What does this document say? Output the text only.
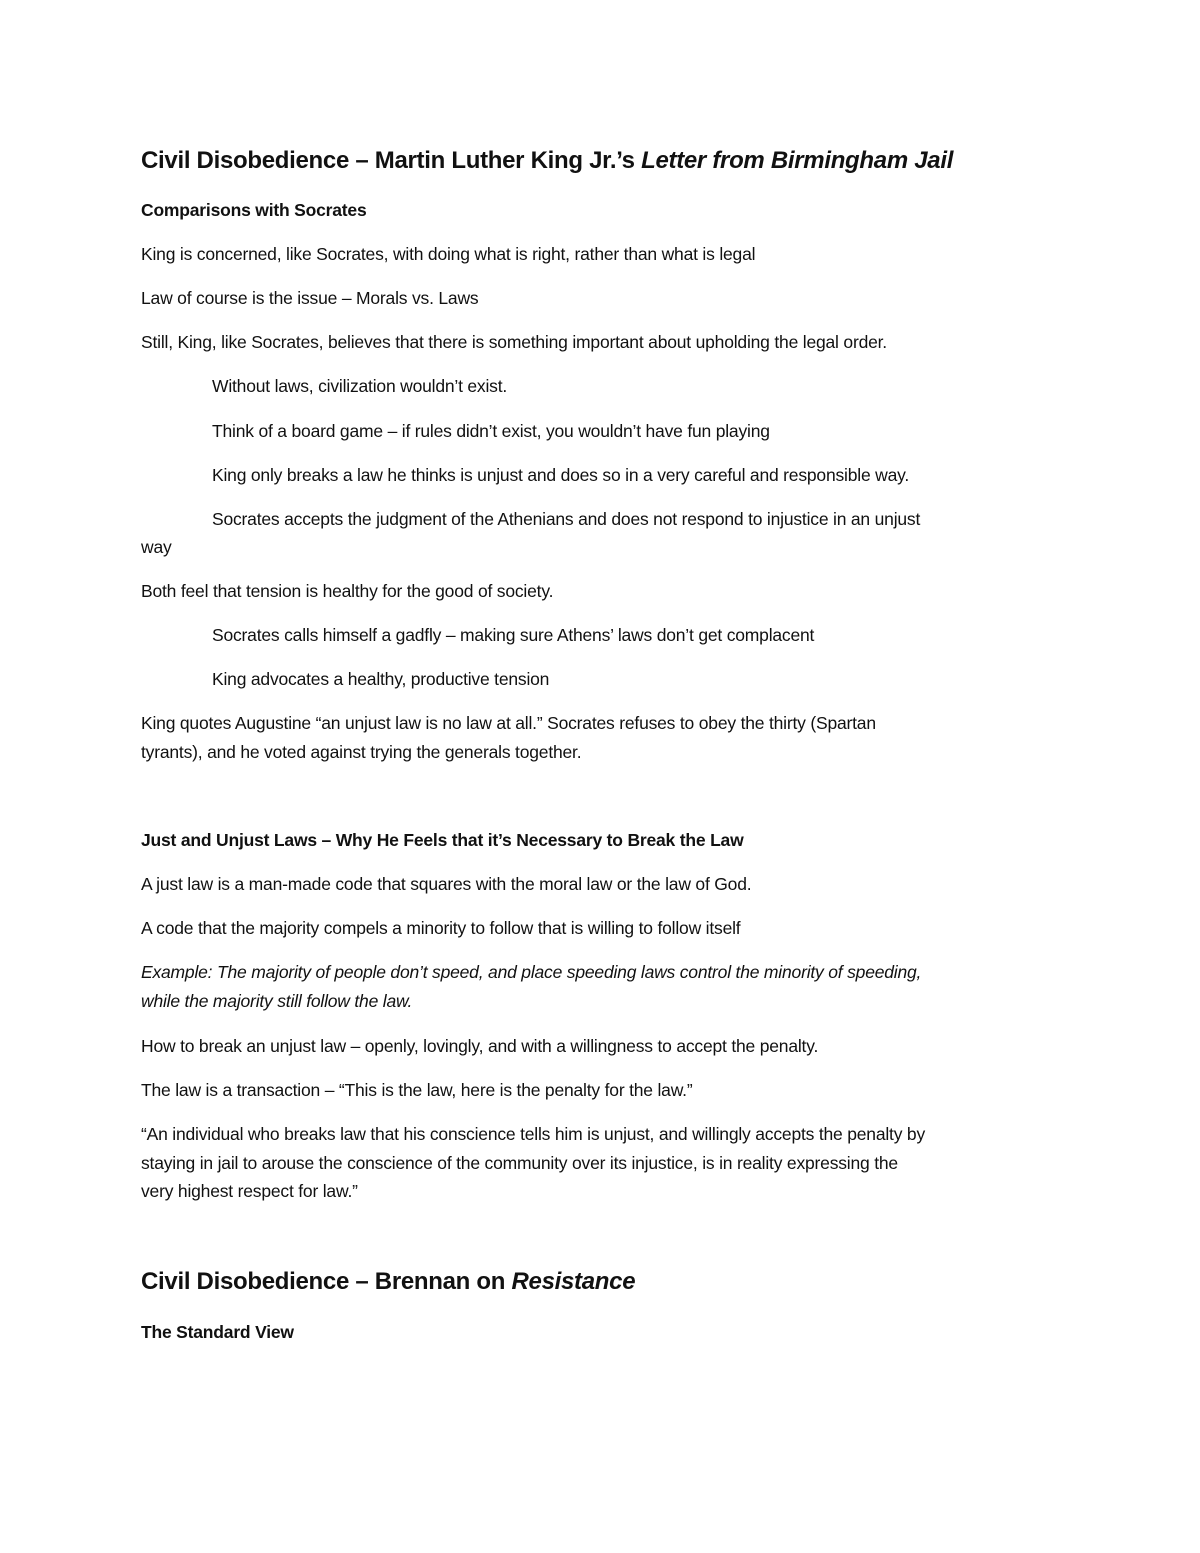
Civil Disobedience – Martin Luther King Jr.’s Letter from Birmingham Jail
Comparisons with Socrates
King is concerned, like Socrates, with doing what is right, rather than what is legal
Law of course is the issue – Morals vs. Laws
Still, King, like Socrates, believes that there is something important about upholding the legal order.
Without laws, civilization wouldn’t exist.
Think of a board game – if rules didn’t exist, you wouldn’t have fun playing
King only breaks a law he thinks is unjust and does so in a very careful and responsible way.
Socrates accepts the judgment of the Athenians and does not respond to injustice in an unjust
way
Both feel that tension is healthy for the good of society.
Socrates calls himself a gadfly – making sure Athens’ laws don’t get complacent
King advocates a healthy, productive tension
King quotes Augustine “an unjust law is no law at all.” Socrates refuses to obey the thirty (Spartan
tyrants), and he voted against trying the generals together.
Just and Unjust Laws – Why He Feels that it’s Necessary to Break the Law
A just law is a man-made code that squares with the moral law or the law of God.
A code that the majority compels a minority to follow that is willing to follow itself
Example: The majority of people don’t speed, and place speeding laws control the minority of speeding,
while the majority still follow the law.
How to break an unjust law – openly, lovingly, and with a willingness to accept the penalty.
The law is a transaction – “This is the law, here is the penalty for the law.”
“An individual who breaks law that his conscience tells him is unjust, and willingly accepts the penalty by
staying in jail to arouse the conscience of the community over its injustice, is in reality expressing the
very highest respect for law.”
Civil Disobedience – Brennan on Resistance
The Standard View
